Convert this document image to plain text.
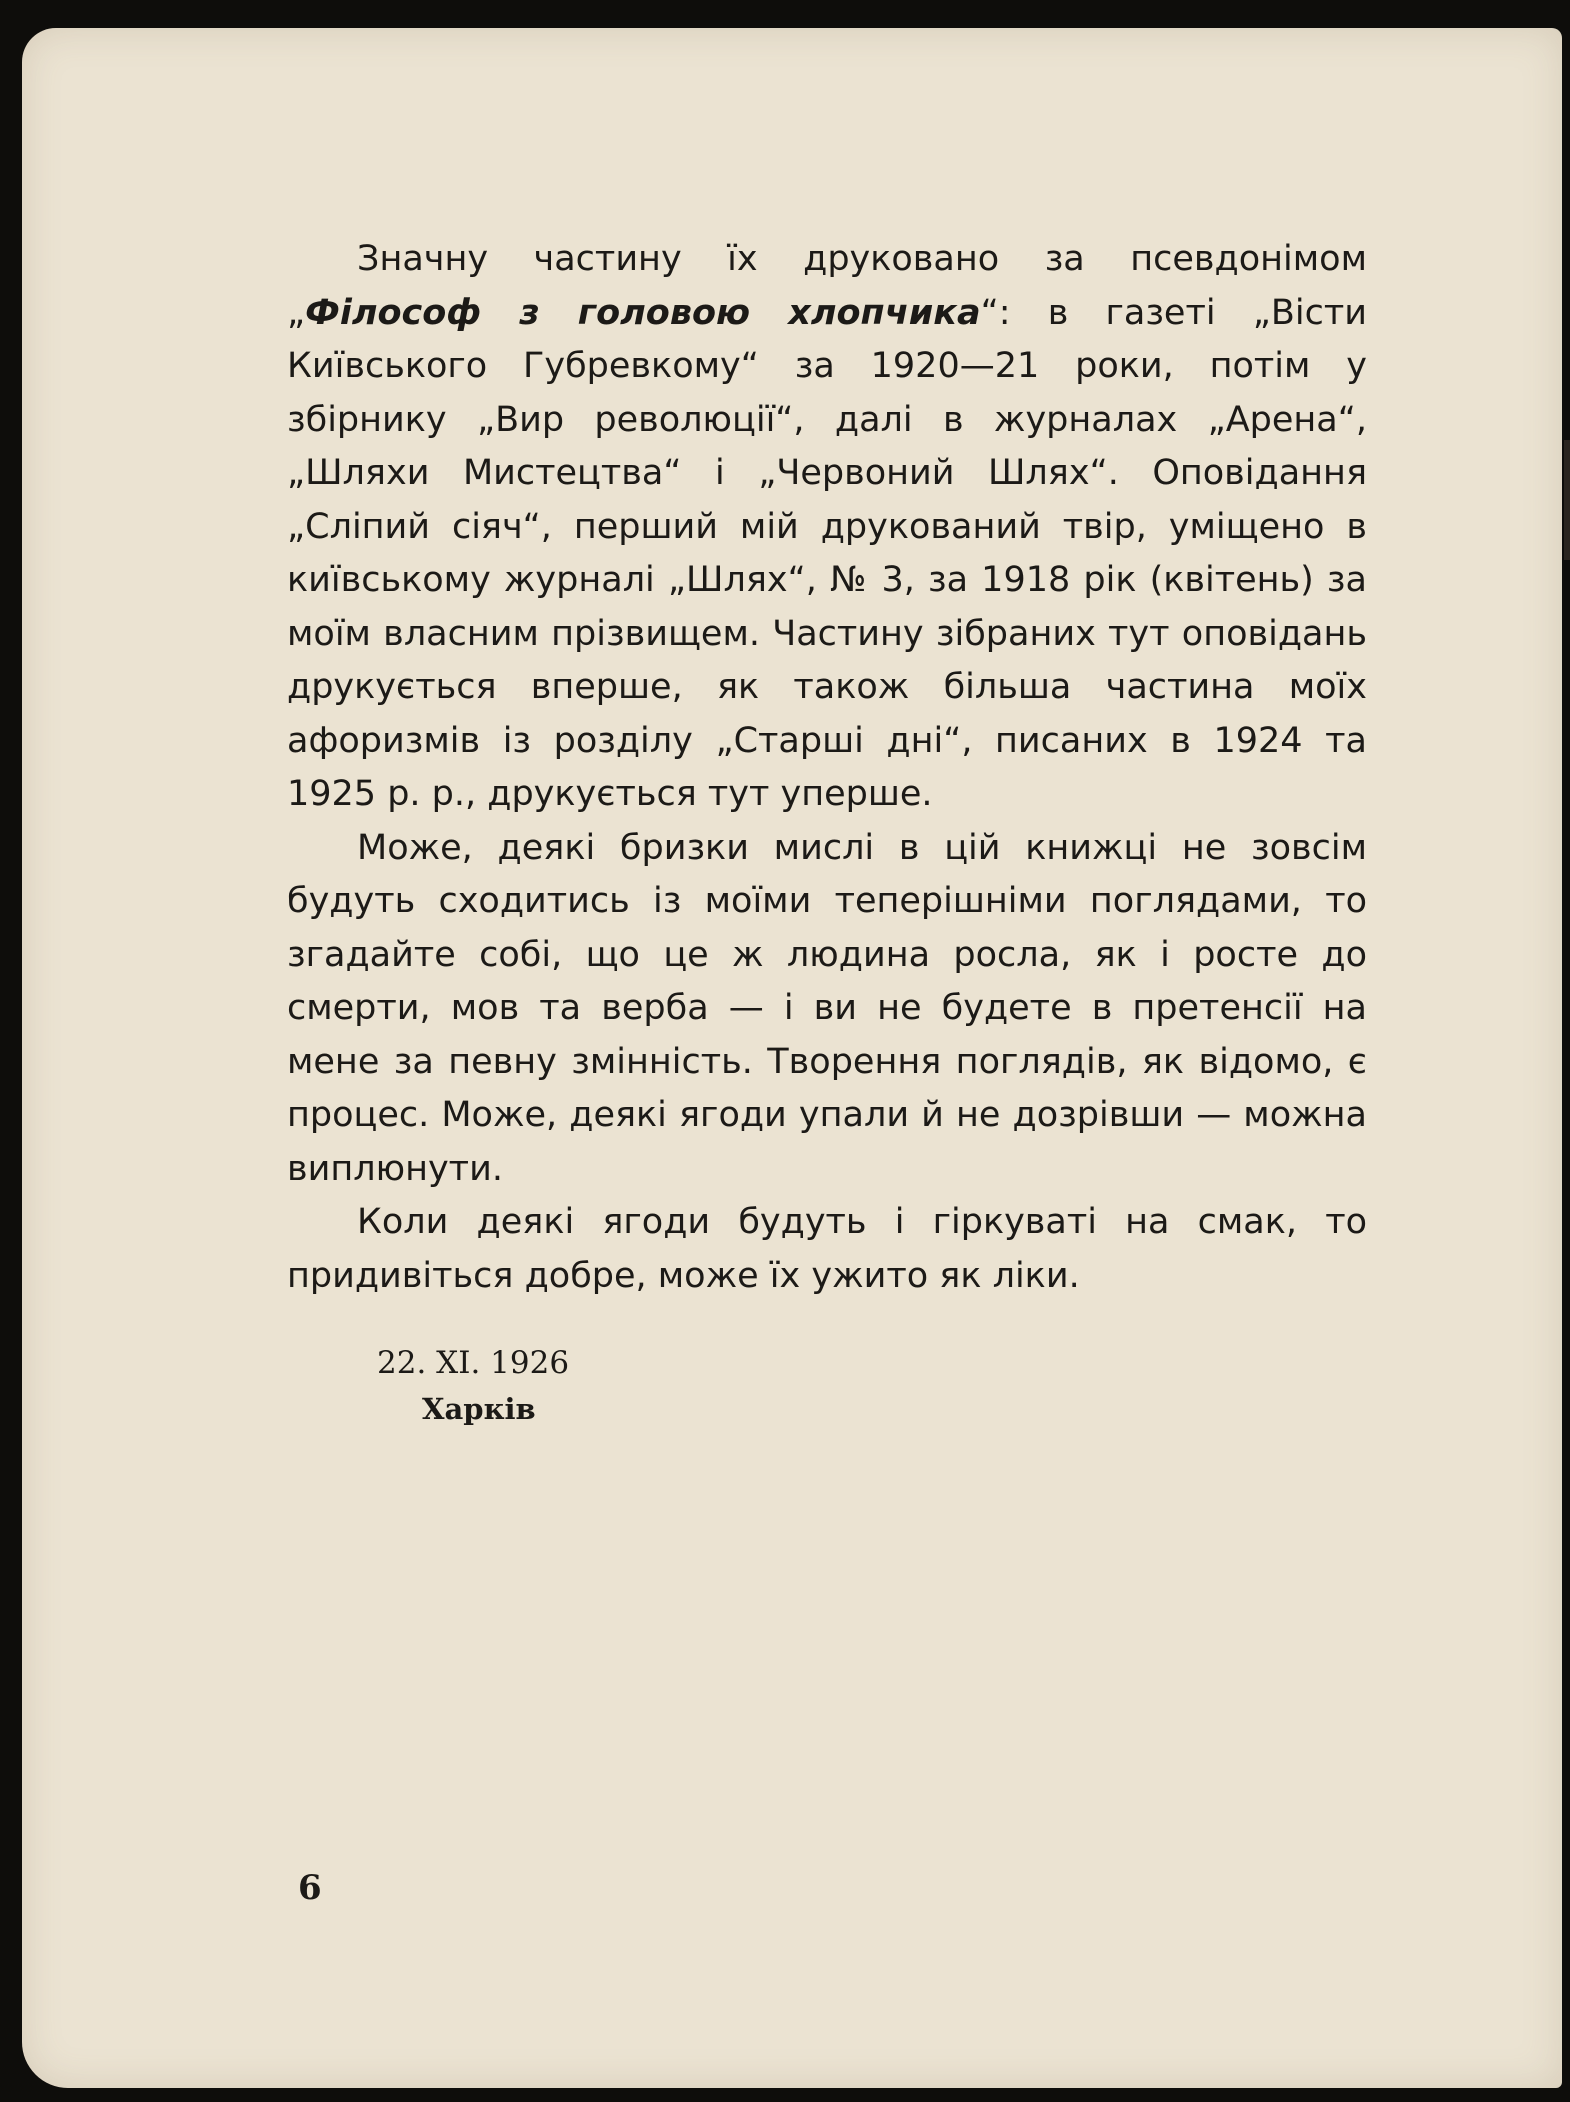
Значну частину їх друковано за псевдонімом „Філософ з головою хлопчика“: в газеті „Вісти Київського Губревкому“ за 1920—21 роки, потім у збірнику „Вир революції“, далі в журналах „Арена“, „Шляхи Мистецтва“ і „Червоний Шлях“. Оповідання „Сліпий сіяч“, перший мій друкований твір, уміщено в київському журналі „Шлях“, № 3, за 1918 рік (квітень) за моїм власним прізвищем. Частину зібраних тут оповідань друкується вперше, як також більша частина моїх афоризмів із розділу „Старші дні“, писаних в 1924 та 1925 р. р., друкується тут уперше.

Може, деякі бризки мислі в цій книжці не зовсім будуть сходитись із моїми теперішніми поглядами, то згадайте собі, що це ж людина росла, як і росте до смерти, мов та верба — і ви не будете в претенсії на мене за певну змінність. Творення поглядів, як відомо, є процес. Може, деякі ягоди упали й не дозрівши — можна виплюнути.

Коли деякі ягоди будуть і гіркуваті на смак, то придивіться добре, може їх ужито як ліки.

22. XI. 1926
Харків
6
